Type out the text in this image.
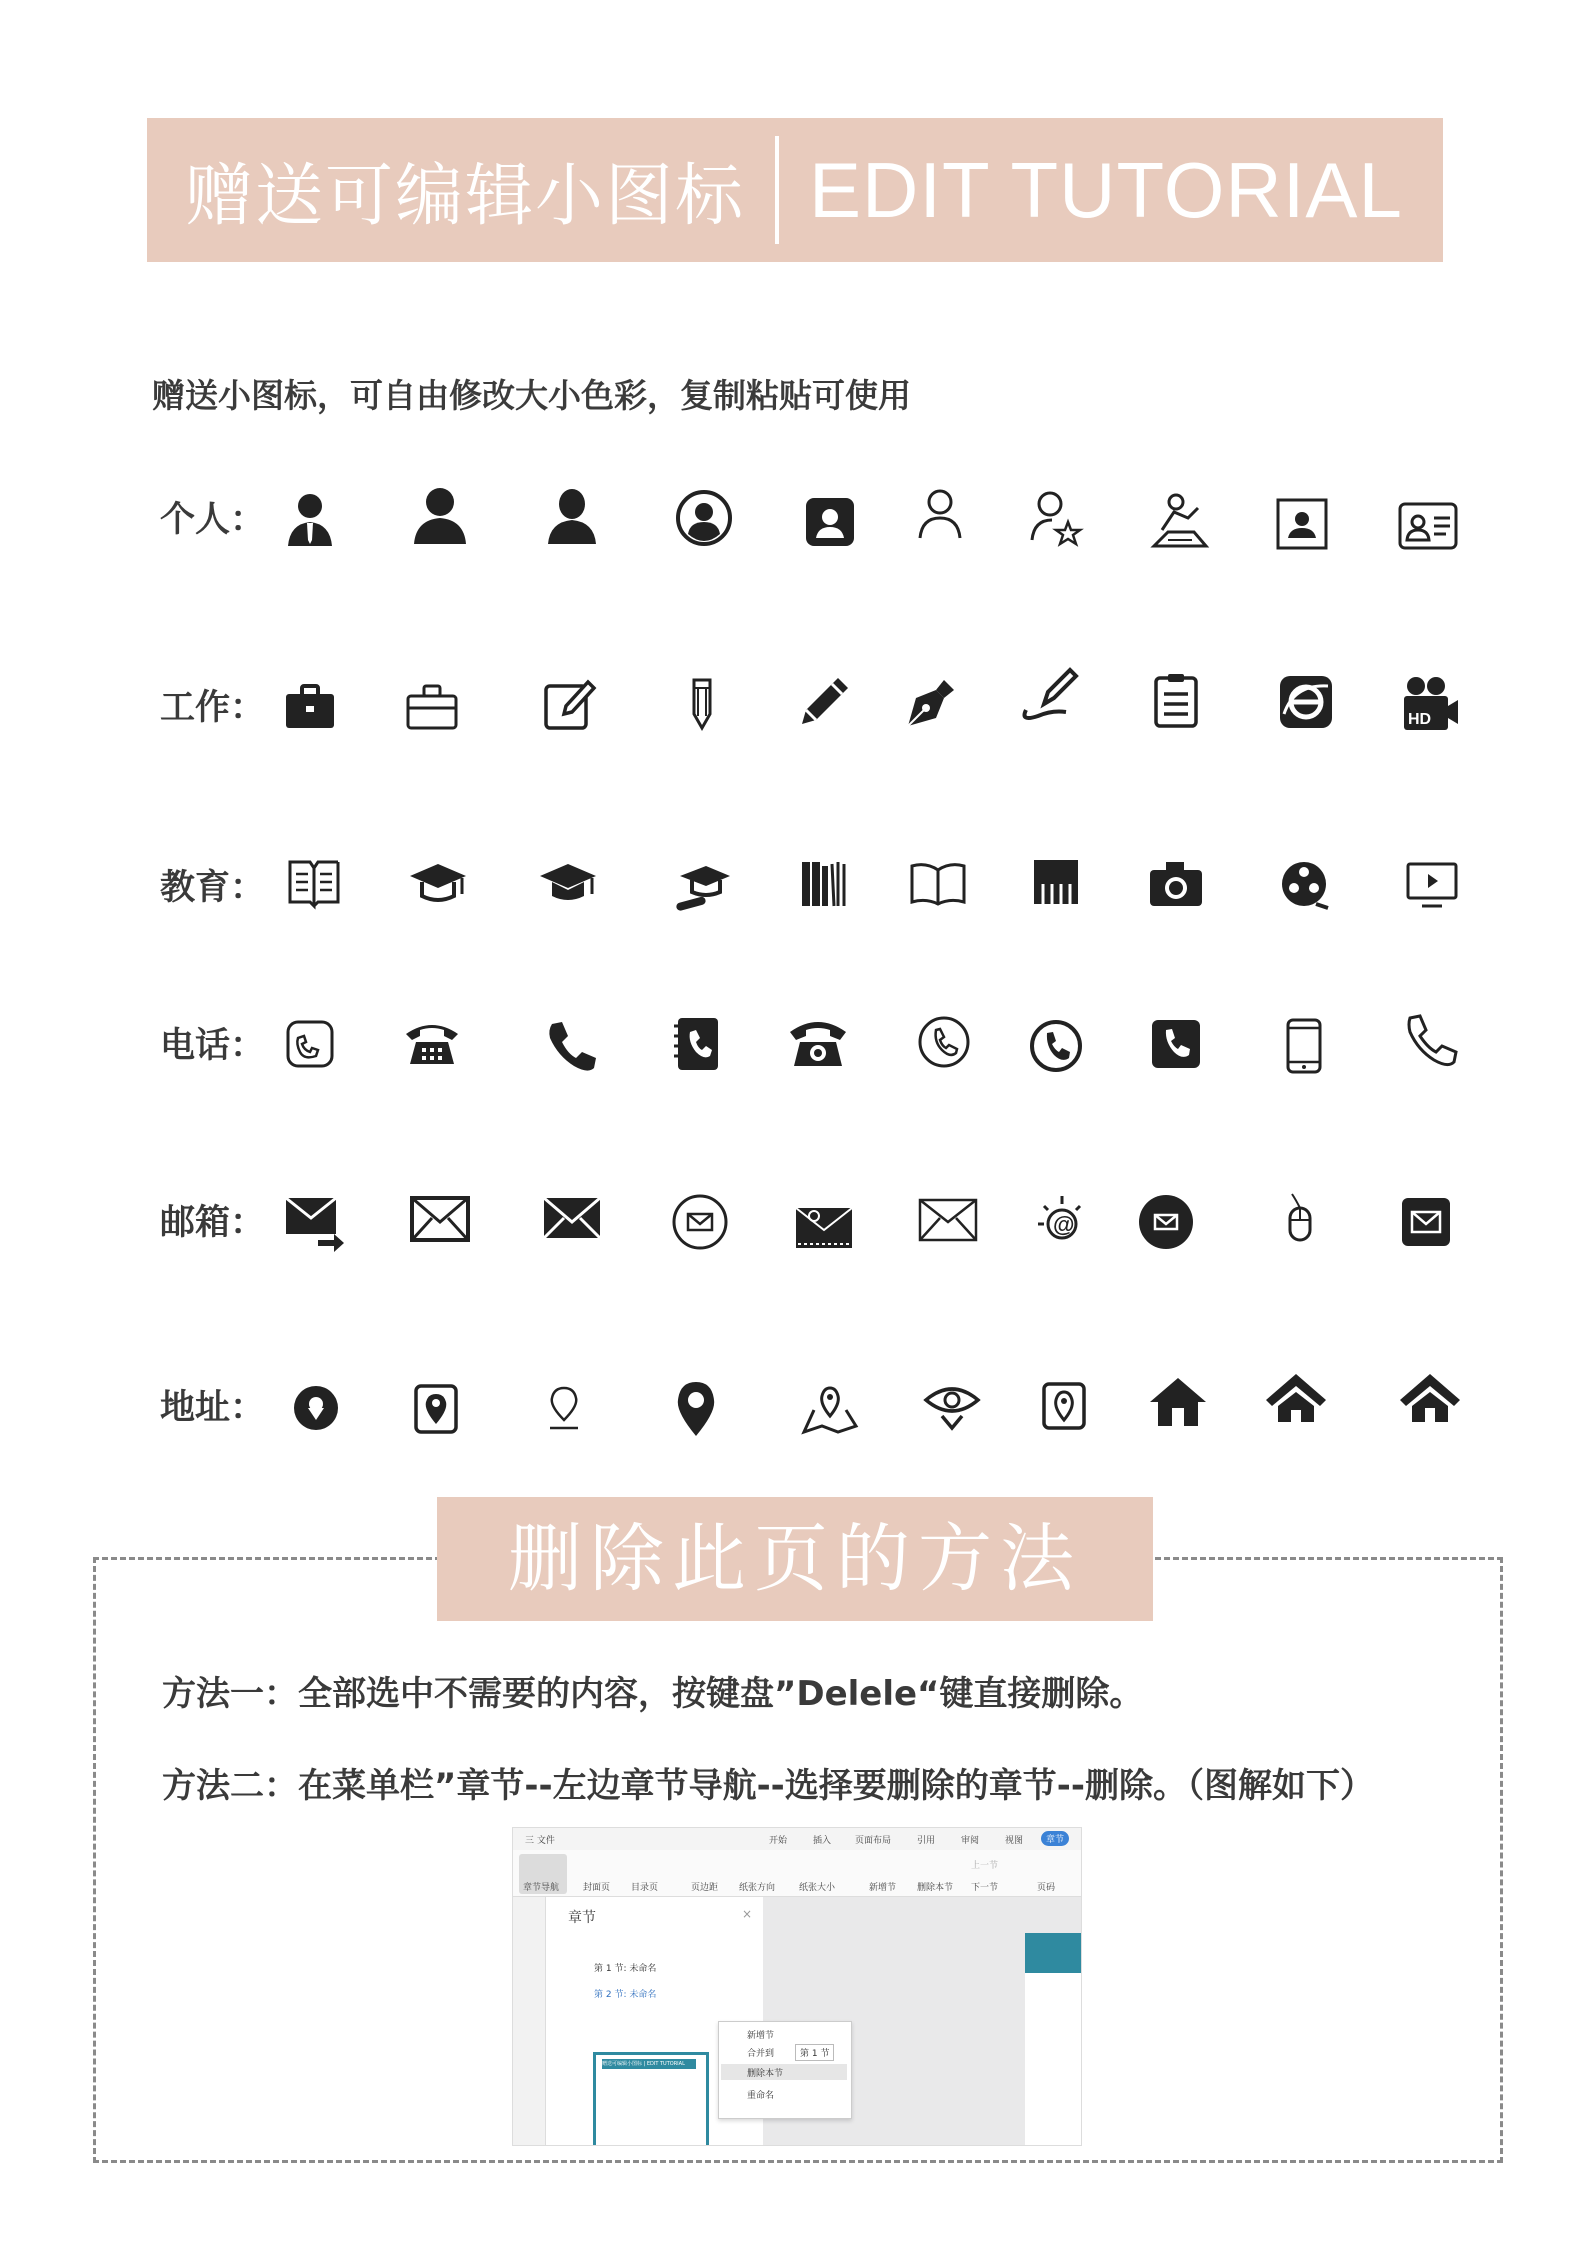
赠送可编辑小图标 EDIT TUTORIAL
赠送小图标，可自由修改大小色彩，复制粘贴可使用
个人：
工作：
教育：
电话：
邮箱：
地址：
HD
@
删除此页的方法
方法一：全部选中不需要的内容，按键盘”Delele“键直接删除。
方法二：在菜单栏”章节--左边章节导航--选择要删除的章节--删除。（图解如下）
三 文件	开始	插入	页面布局	引用	审阅	视图	章节
章节导航	封面页 目录页	页边距 纸张方向	纸张大小	新增节 删除本节
上一节
下一节	页码
章节	×
第 1 节: 未命名
第 2 节: 未命名
赠送可编辑小图标 | EDIT TUTORIAL
新增节
合并到	第 1 节
删除本节
重命名
